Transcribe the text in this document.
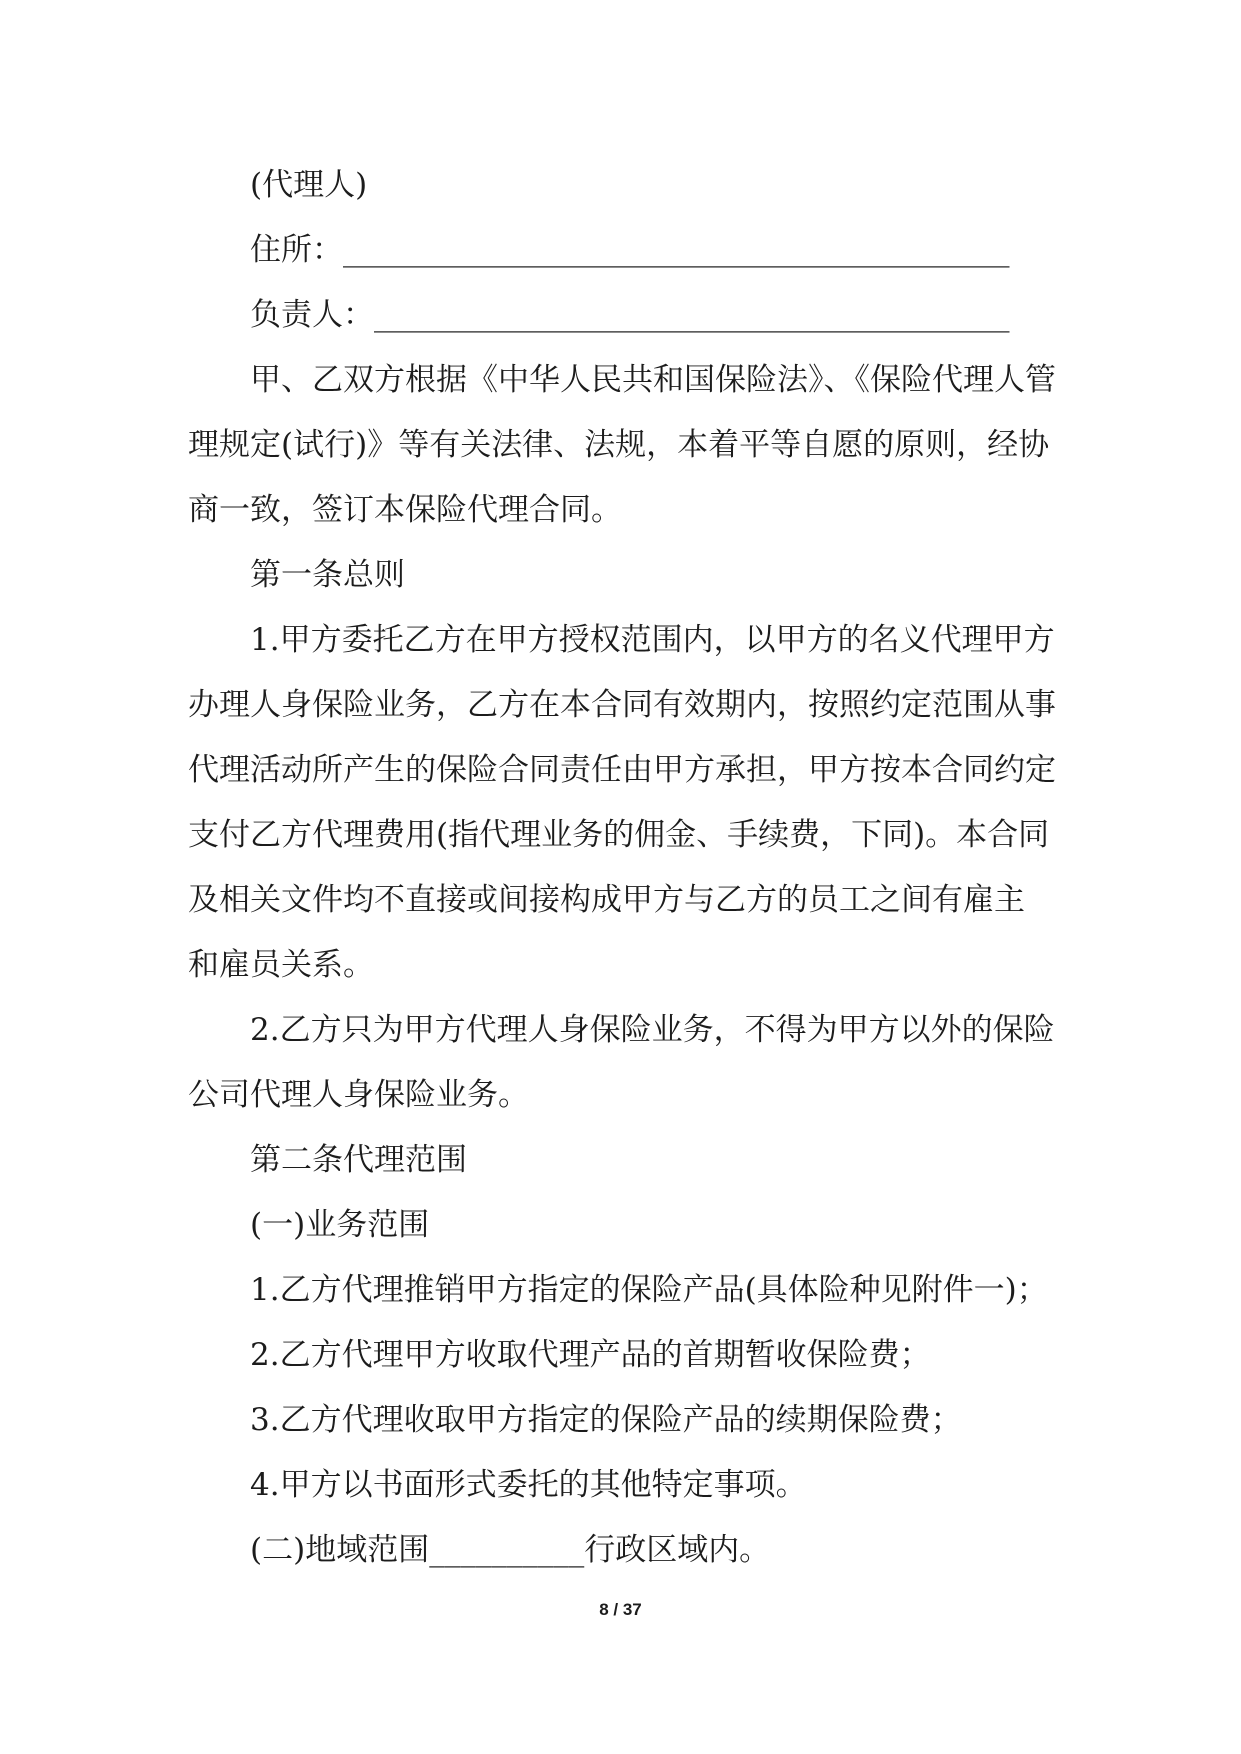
(代理人)
住所：___________________________________________
负责人：_________________________________________
甲、乙双方根据《中华人民共和国保险法》、《保险代理人管
理规定(试行)》等有关法律、法规，本着平等自愿的原则，经协
商一致，签订本保险代理合同。
第一条总则
1.甲方委托乙方在甲方授权范围内，以甲方的名义代理甲方
办理人身保险业务，乙方在本合同有效期内，按照约定范围从事
代理活动所产生的保险合同责任由甲方承担，甲方按本合同约定
支付乙方代理费用(指代理业务的佣金、手续费，下同)。本合同
及相关文件均不直接或间接构成甲方与乙方的员工之间有雇主
和雇员关系。
2.乙方只为甲方代理人身保险业务，不得为甲方以外的保险
公司代理人身保险业务。
第二条代理范围
(一)业务范围
1.乙方代理推销甲方指定的保险产品(具体险种见附件一)；
2.乙方代理甲方收取代理产品的首期暂收保险费；
3.乙方代理收取甲方指定的保险产品的续期保险费；
4.甲方以书面形式委托的其他特定事项。
(二)地域范围__________行政区域内。
8 / 37
